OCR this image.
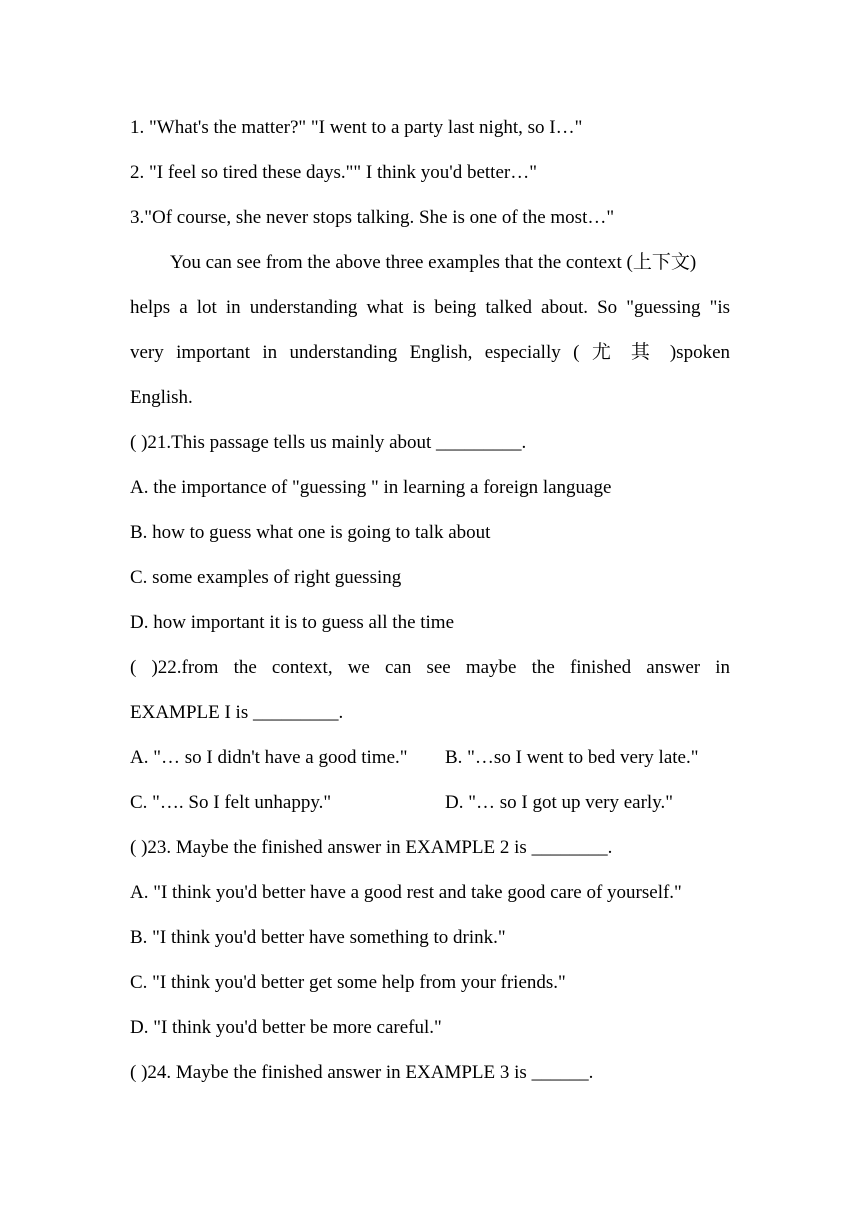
1. "What's the matter?" "I went to a party last night, so I…"
2. "I feel so tired these days."" I think you'd better…"
3."Of course, she never stops talking. She is one of the most…"
You can see from the above three examples that the context (上下文)
helps a lot in understanding what is being talked about. So "guessing "is
very important in understanding English, especially ( 尤 其 )spoken
English.
( )21.This passage tells us mainly about _________.
A. the importance of "guessing " in learning a foreign language
B. how to guess what one is going to talk about
C. some examples of right guessing
D. how important it is to guess all the time
( )22.from the context, we can see maybe the finished answer in
EXAMPLE I is _________.
A. "… so I didn't have a good time." B. "…so I went to bed very late."
C. "…. So I felt unhappy."	D. "… so I got up very early."
( )23. Maybe the finished answer in EXAMPLE 2 is ________.
A. "I think you'd better have a good rest and take good care of yourself."
B. "I think you'd better have something to drink."
C. "I think you'd better get some help from your friends."
D. "I think you'd better be more careful."
( )24. Maybe the finished answer in EXAMPLE 3 is ______.
